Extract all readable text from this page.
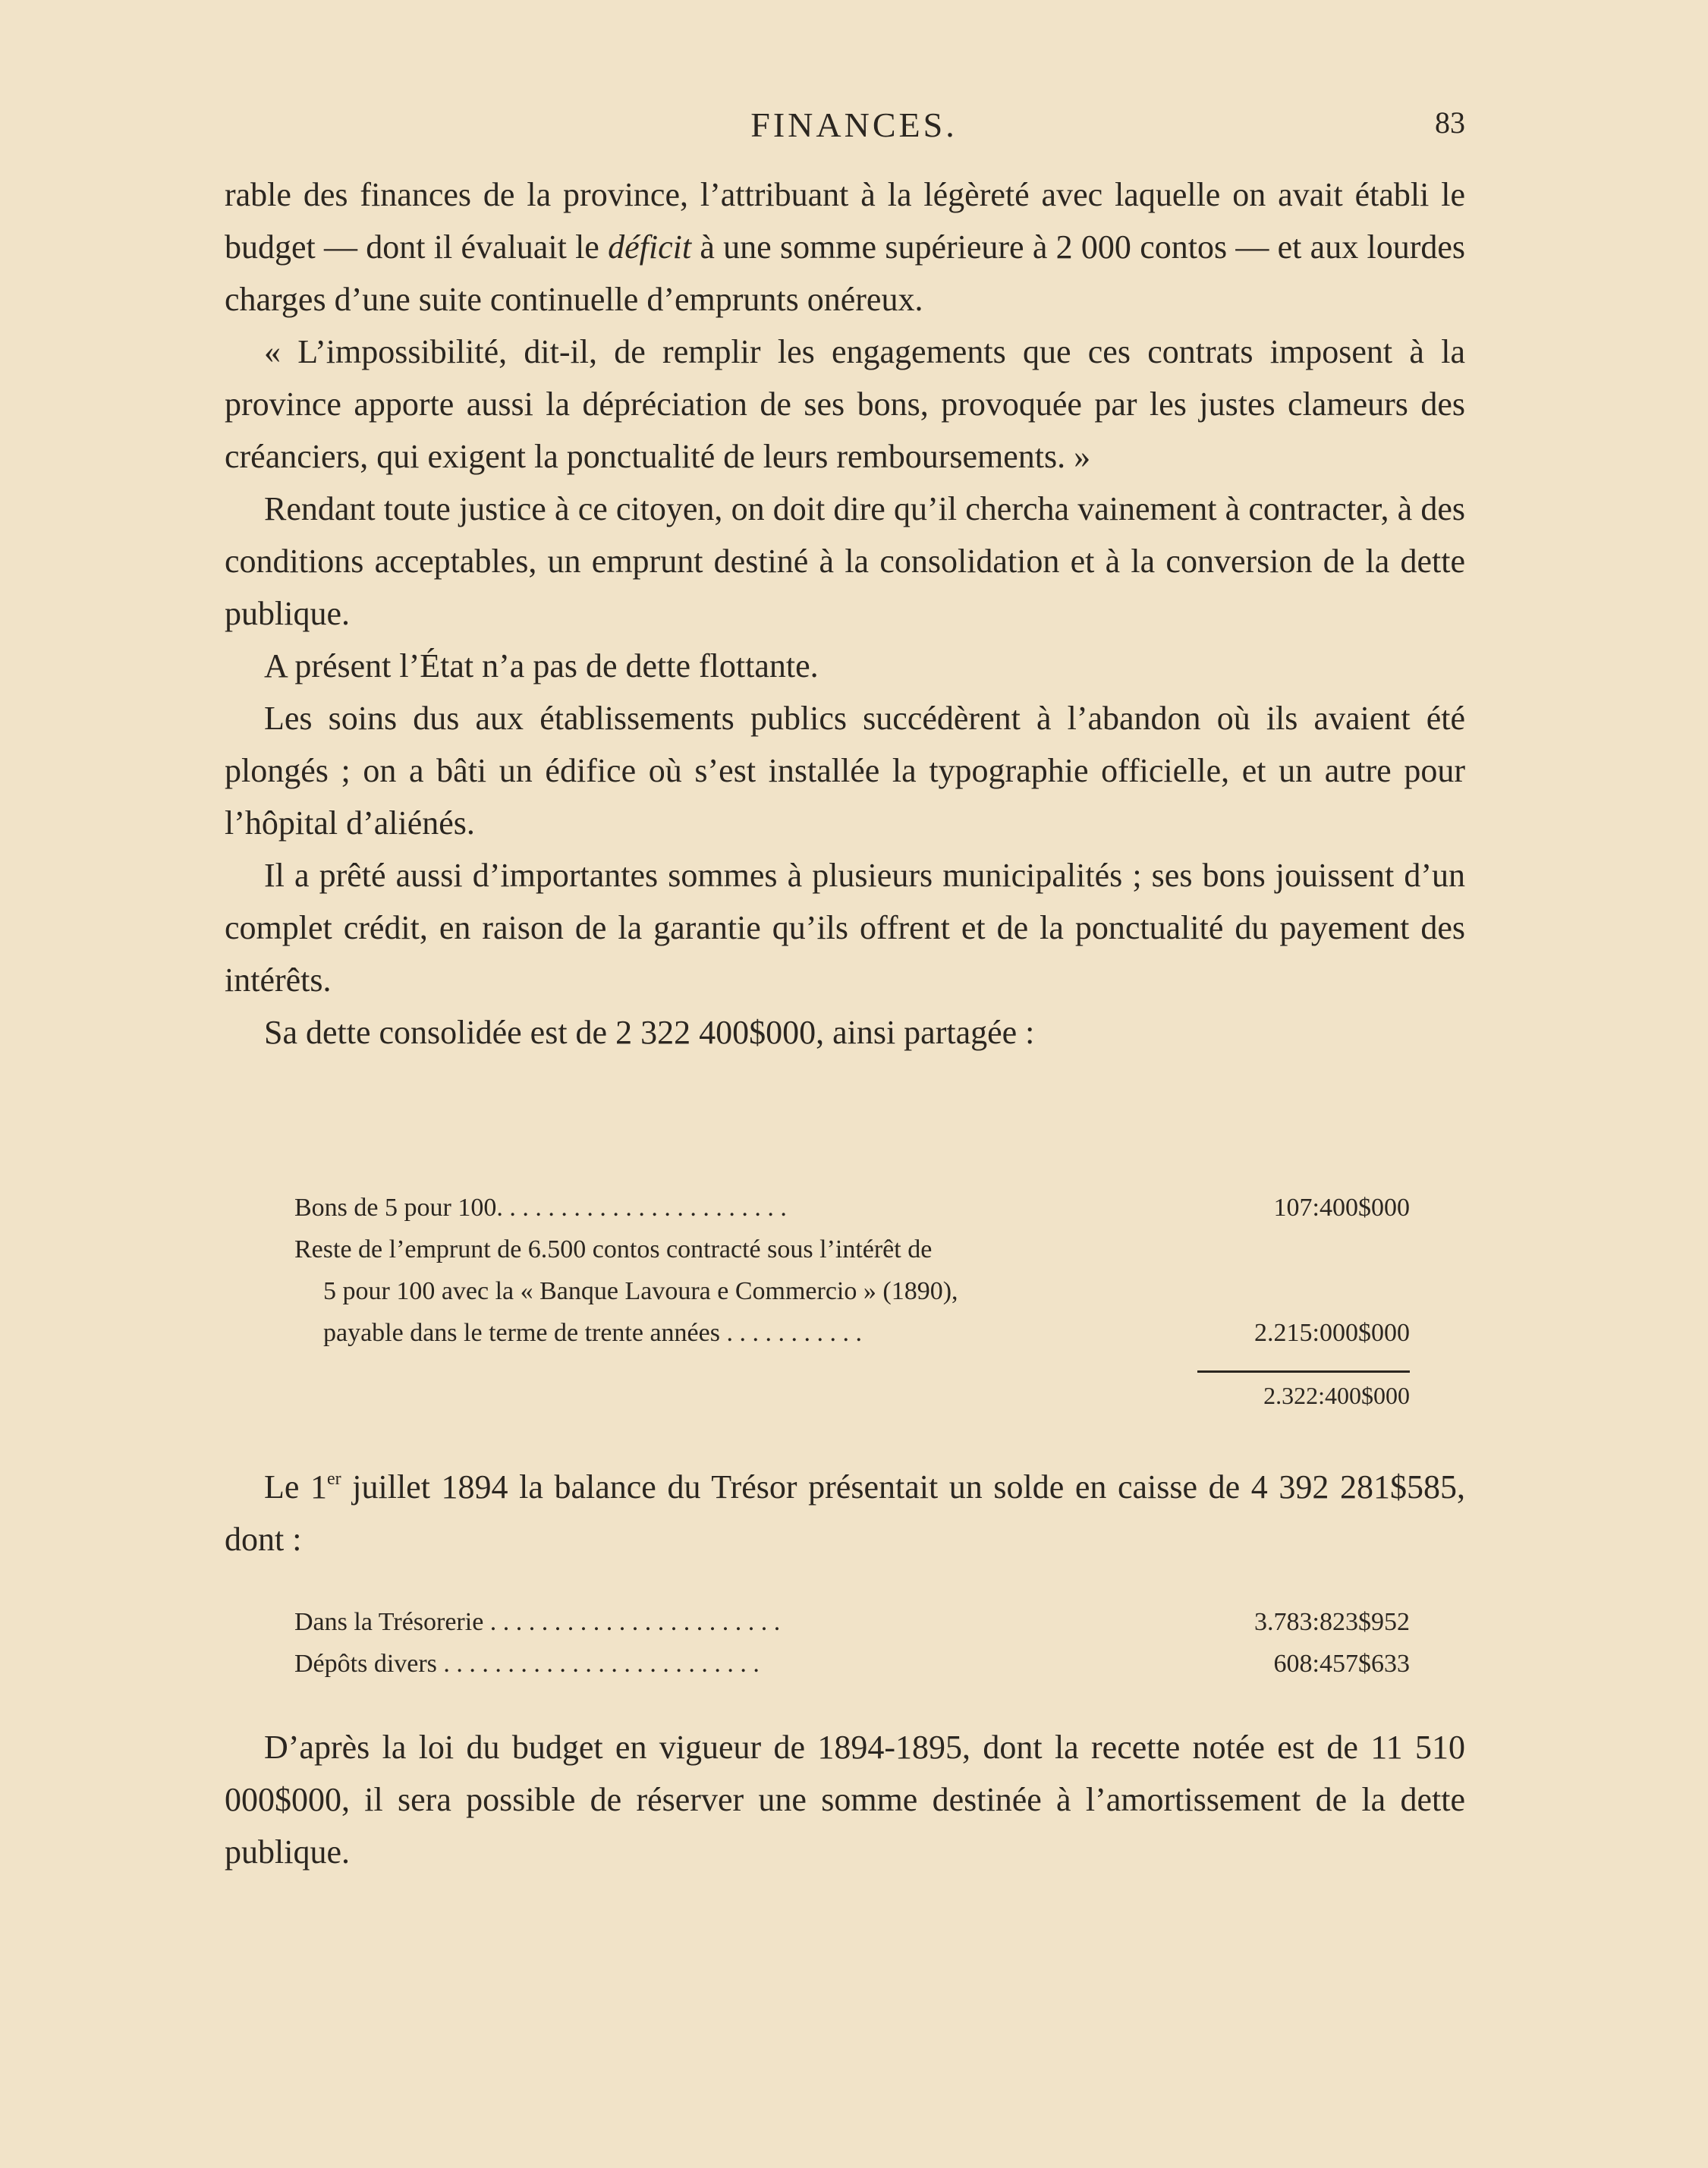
FINANCES.	83

rable des finances de la province, l’attribuant à la légèreté avec laquelle on avait établi le budget — dont il évaluait le déficit à une somme supérieure à 2 000 contos — et aux lourdes charges d’une suite continuelle d’emprunts onéreux.

« L’impossibilité, dit-il, de remplir les engagements que ces contrats imposent à la province apporte aussi la dépréciation de ses bons, provoquée par les justes clameurs des créanciers, qui exigent la ponctualité de leurs remboursements. »

Rendant toute justice à ce citoyen, on doit dire qu’il chercha vainement à contracter, à des conditions acceptables, un emprunt destiné à la consolidation et à la conversion de la dette publique.

A présent l’État n’a pas de dette flottante.

Les soins dus aux établissements publics succédèrent à l’abandon où ils avaient été plongés ; on a bâti un édifice où s’est installée la typographie officielle, et un autre pour l’hôpital d’aliénés.

Il a prêté aussi d’importantes sommes à plusieurs municipalités ; ses bons jouissent d’un complet crédit, en raison de la garantie qu’ils offrent et de la ponctualité du payement des intérêts.

Sa dette consolidée est de 2 322 400$000, ainsi partagée :

Bons de 5 pour 100. . . . . . . . . . . . . . . . . . . . . . .	107:400$000
Reste de l’emprunt de 6.500 contos contracté sous l’intérêt de
5 pour 100 avec la « Banque Lavoura e Commercio » (1890),
payable dans le terme de trente années . . . . . . . . . . .	2.215:000$000
2.322:400$000

Le 1er juillet 1894 la balance du Trésor présentait un solde en caisse de 4 392 281$585, dont :

Dans la Trésorerie . . . . . . . . . . . . . . . . . . . . . . .	3.783:823$952
Dépôts divers . . . . . . . . . . . . . . . . . . . . . . . . .	608:457$633

D’après la loi du budget en vigueur de 1894-1895, dont la recette notée est de 11 510 000$000, il sera possible de réserver une somme destinée à l’amortissement de la dette publique.
